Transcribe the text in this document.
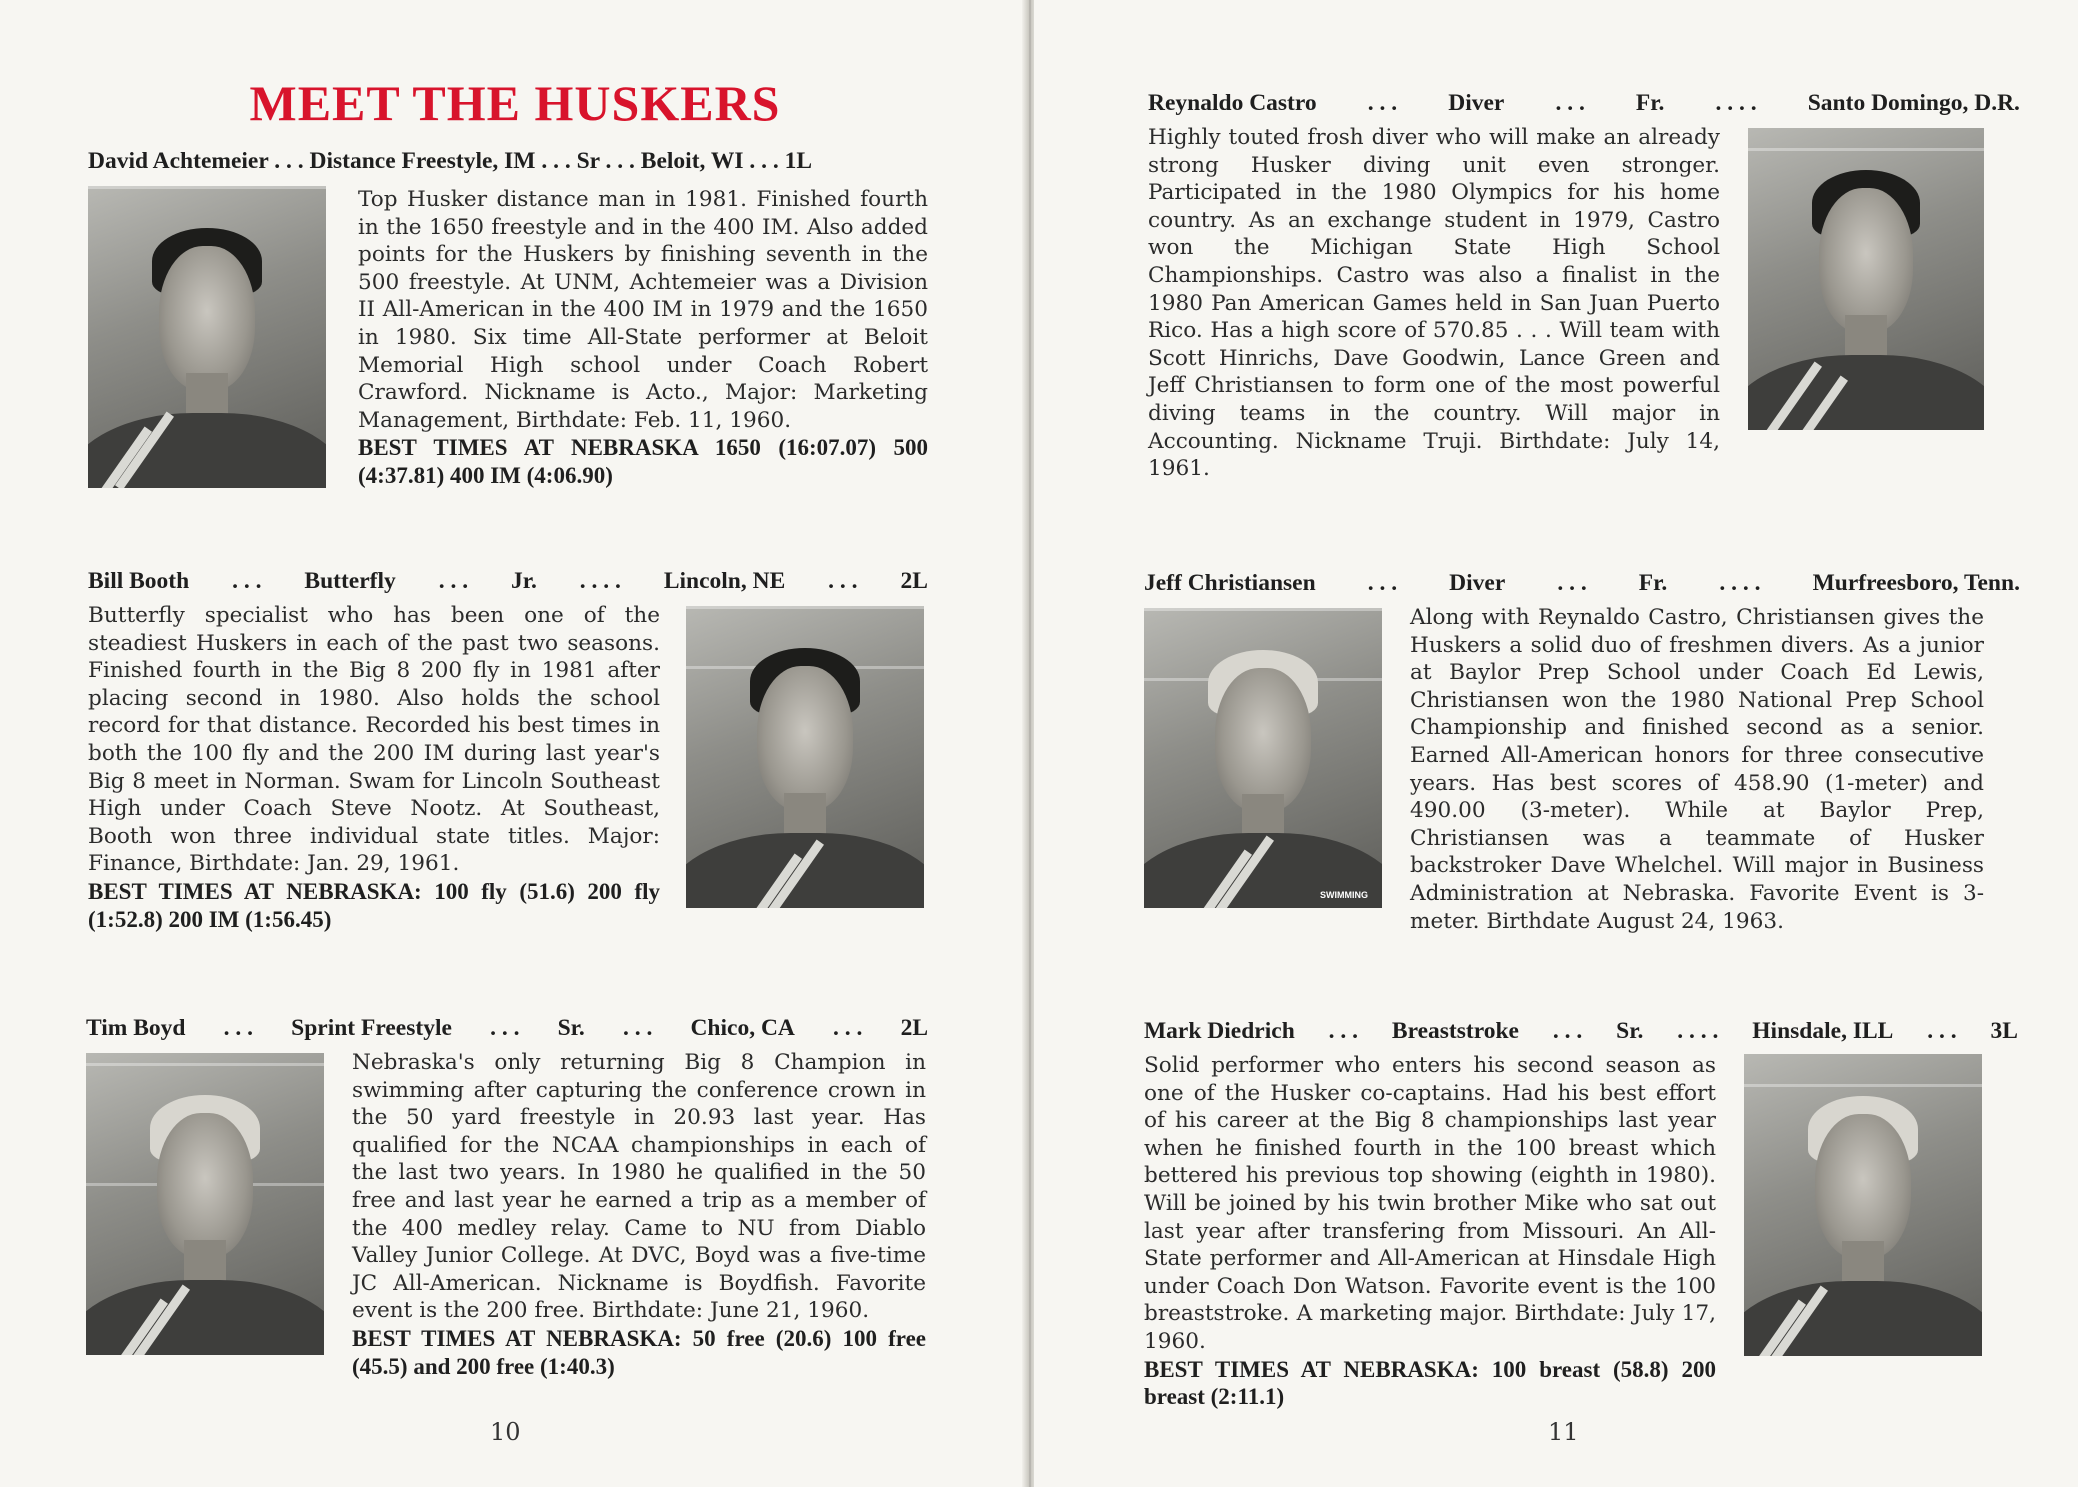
MEET THE HUSKERS
David Achtemeier . . . Distance Freestyle, IM . . . Sr . . . Beloit, WI . . . 1L
Top Husker distance man in 1981. Finished fourth in the 1650 freestyle and in the 400 IM. Also added points for the Huskers by finishing seventh in the 500 freestyle. At UNM, Achtemeier was a Division II All-American in the 400 IM in 1979 and the 1650 in 1980. Six time All-State performer at Beloit Memorial High school under Coach Robert Crawford. Nickname is Acto., Major: Marketing Management, Birthdate: Feb. 11, 1960.
BEST TIMES AT NEBRASKA 1650 (16:07.07) 500 (4:37.81) 400 IM (4:06.90)
Bill Booth . . . Butterfly . . . Jr. . . . . Lincoln, NE . . . 2L
Butterfly specialist who has been one of the steadiest Huskers in each of the past two seasons. Finished fourth in the Big 8 200 fly in 1981 after placing second in 1980. Also holds the school record for that distance. Recorded his best times in both the 100 fly and the 200 IM during last year's Big 8 meet in Norman. Swam for Lincoln Southeast High under Coach Steve Nootz. At Southeast, Booth won three individual state titles. Major: Finance, Birthdate: Jan. 29, 1961.
BEST TIMES AT NEBRASKA: 100 fly (51.6) 200 fly (1:52.8) 200 IM (1:56.45)
Tim Boyd . . . Sprint Freestyle . . . Sr. . . . Chico, CA . . . 2L
Nebraska's only returning Big 8 Champion in swimming after capturing the conference crown in the 50 yard freestyle in 20.93 last year. Has qualified for the NCAA championships in each of the last two years. In 1980 he qualified in the 50 free and last year he earned a trip as a member of the 400 medley relay. Came to NU from Diablo Valley Junior College. At DVC, Boyd was a five-time JC All-American. Nickname is Boydfish. Favorite event is the 200 free. Birthdate: June 21, 1960.
BEST TIMES AT NEBRASKA: 50 free (20.6) 100 free (45.5) and 200 free (1:40.3)
10
Reynaldo Castro . . . Diver . . . Fr. . . . . Santo Domingo, D.R.
Highly touted frosh diver who will make an already strong Husker diving unit even stronger. Participated in the 1980 Olympics for his home country. As an exchange student in 1979, Castro won the Michigan State High School Championships. Castro was also a finalist in the 1980 Pan American Games held in San Juan Puerto Rico. Has a high score of 570.85 . . . Will team with Scott Hinrichs, Dave Goodwin, Lance Green and Jeff Christiansen to form one of the most powerful diving teams in the country. Will major in Accounting. Nickname Truji. Birthdate: July 14, 1961.
Jeff Christiansen . . . Diver . . . Fr. . . . . Murfreesboro, Tenn.
SWIMMING
Along with Reynaldo Castro, Christiansen gives the Huskers a solid duo of freshmen divers. As a junior at Baylor Prep School under Coach Ed Lewis, Christiansen won the 1980 National Prep School Championship and finished second as a senior. Earned All-American honors for three consecutive years. Has best scores of 458.90 (1-meter) and 490.00 (3-meter). While at Baylor Prep, Christiansen was a teammate of Husker backstroker Dave Whelchel. Will major in Business Administration at Nebraska. Favorite Event is 3-meter. Birthdate August 24, 1963.
Mark Diedrich . . . Breaststroke . . . Sr. . . . . Hinsdale, ILL . . . 3L
Solid performer who enters his second season as one of the Husker co-captains. Had his best effort of his career at the Big 8 championships last year when he finished fourth in the 100 breast which bettered his previous top showing (eighth in 1980). Will be joined by his twin brother Mike who sat out last year after transfering from Missouri. An All-State performer and All-American at Hinsdale High under Coach Don Watson. Favorite event is the 100 breaststroke. A marketing major. Birthdate: July 17, 1960.
BEST TIMES AT NEBRASKA: 100 breast (58.8) 200 breast (2:11.1)
11
